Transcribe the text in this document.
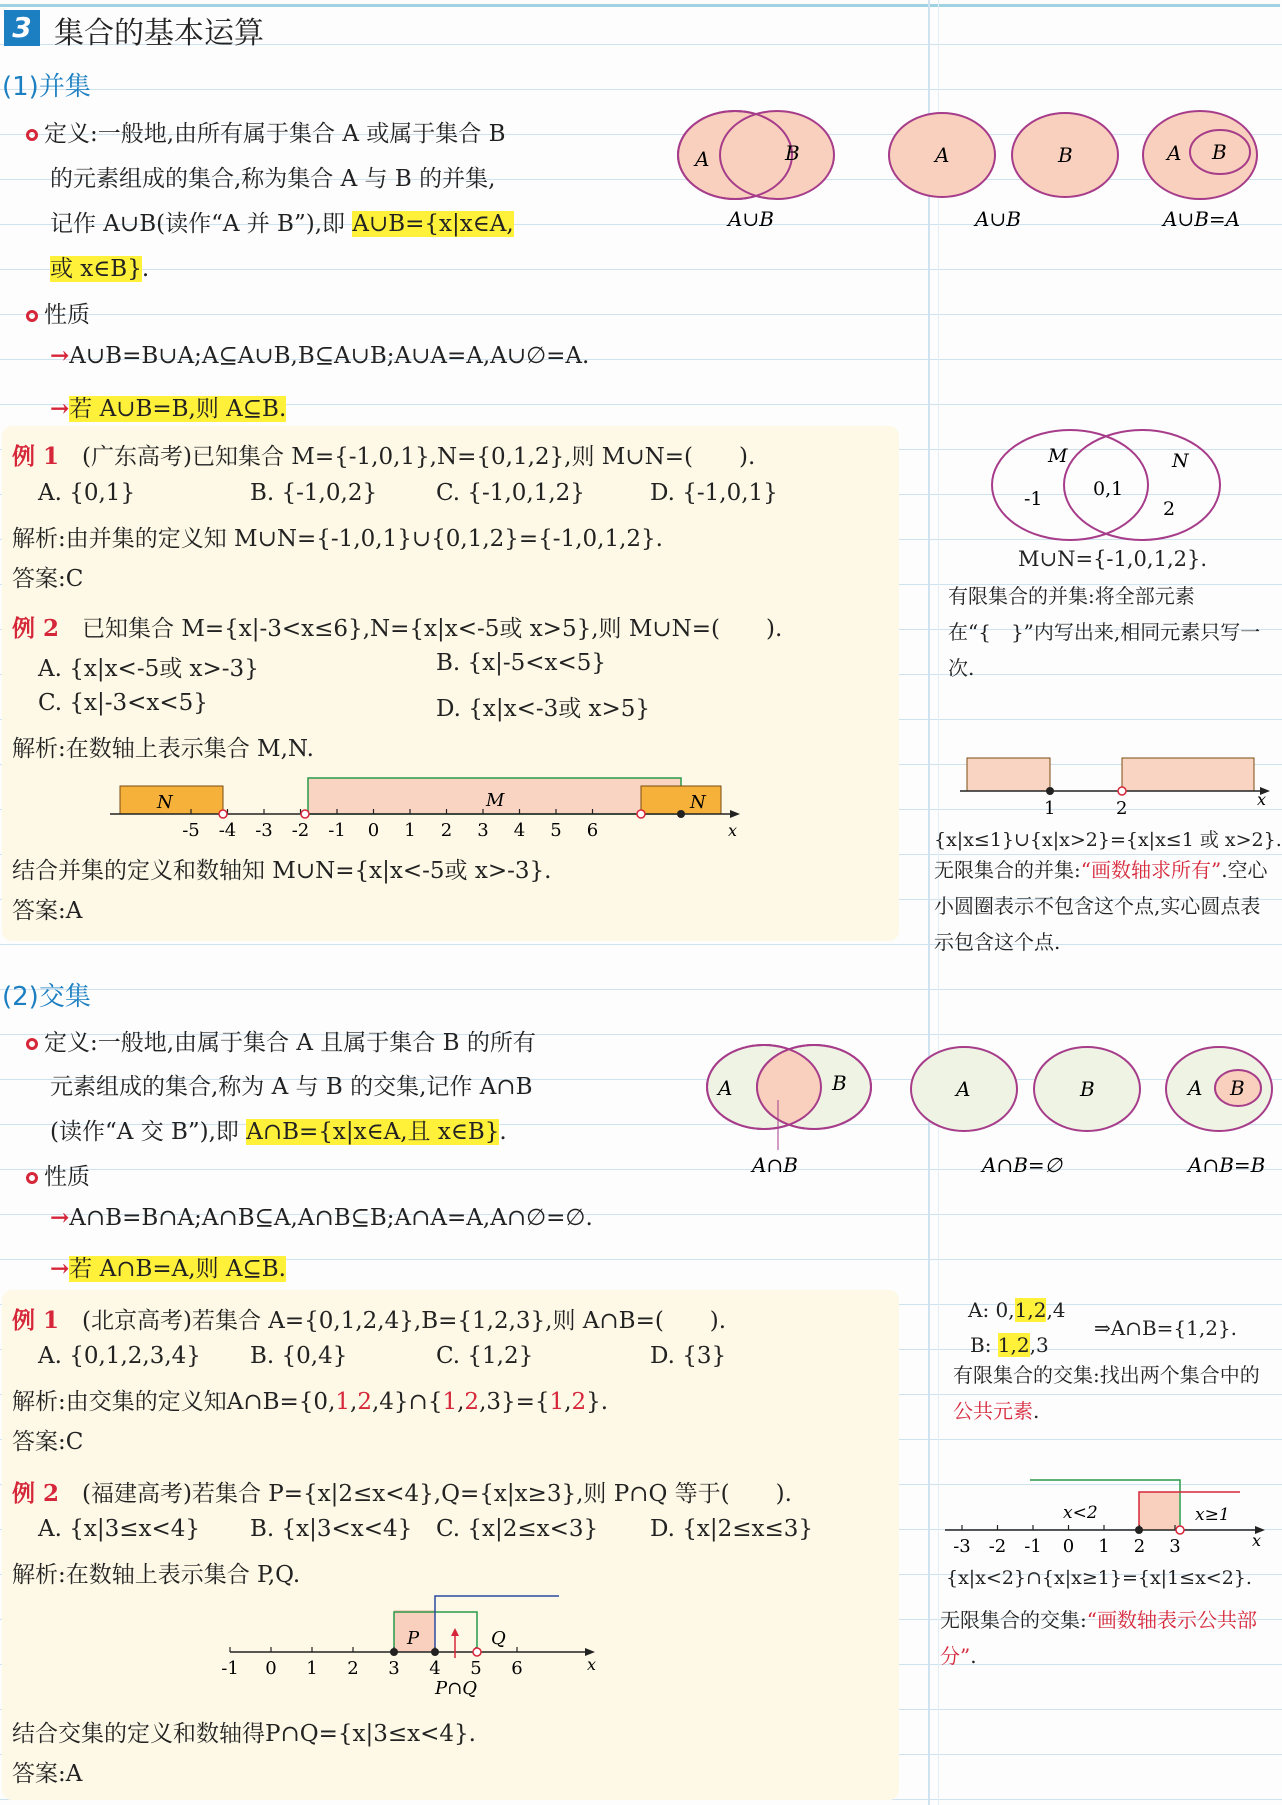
3 集合的基本运算
(1)并集
定义:一般地,由所有属于集合 A 或属于集合 B
的元素组成的集合,称为集合 A 与 B 的并集,
记作 A∪B(读作“A 并 B”),即 A∪B={x|x∈A,
或 x∈B}.
性质
→A∪B=B∪A;A⊆A∪B,B⊆A∪B;A∪A=A,A∪∅=A.
→若 A∪B=B,则 A⊆B.
A	B
A∪B
A	B
A∪B
A B
A∪B=A
例 1　 (广东高考)已知集合 M={-1,0,1},N={0,1,2},则 M∪N=(　　).
A. {0,1}	B. {-1,0,2}	C. {-1,0,1,2}	D. {-1,0,1}
解析:由并集的定义知 M∪N={-1,0,1}∪{0,1,2}={-1,0,1,2}.
答案:C
例 2　 已知集合 M={x|-3<x≤6},N={x|x<-5或 x>5},则 M∪N=(　　).
A. {x|x<-5或 x>-3}	B. {x|-5<x<5}
C. {x|-3<x<5}	D. {x|x<-3或 x>5}
解析:在数轴上表示集合 M,N.
N	M	N
-5 -4 -3 -2 -1 0 1 2 3 4 5 6	x
结合并集的定义和数轴知 M∪N={x|x<-5或 x>-3}.
答案:A
M	N
-1	0,1
2
M∪N={-1,0,1,2}.
有限集合的并集:将全部元素在“{　}”内写出来,相同元素只写一次.
1	2	x
{x|x≤1}∪{x|x>2}={x|x≤1 或 x>2}.
无限集合的并集:“画数轴求所有”.空心小圆圈表示不包含这个点,实心圆点表示包含这个点.
(2)交集
定义:一般地,由属于集合 A 且属于集合 B 的所有
元素组成的集合,称为 A 与 B 的交集,记作 A∩B
(读作“A 交 B”),即 A∩B={x|x∈A,且 x∈B}.
性质
→A∩B=B∩A;A∩B⊆A,A∩B⊆B;A∩A=A,A∩∅=∅.
→若 A∩B=A,则 A⊆B.
A	B
A∩B
A	B
A∩B=∅
A B
A∩B=B
例 1　 (北京高考)若集合 A={0,1,2,4},B={1,2,3},则 A∩B=(　　).
A. {0,1,2,3,4} B. {0,4}	C. {1,2}	D. {3}
解析:由交集的定义知A∩B={0,1,2,4}∩{1,2,3}={1,2}.
答案:C
例 2　 (福建高考)若集合 P={x|2≤x<4},Q={x|x≥3},则 P∩Q 等于(　　).
A. {x|3≤x<4} B. {x|3<x<4} C. {x|2≤x<3} D. {x|2≤x≤3}
解析:在数轴上表示集合 P,Q.
P	Q
-1 0 1 2 3 4 5 6
P∩Q
x
结合交集的定义和数轴得P∩Q={x|3≤x<4}.
答案:A
A: 0,1,2,4
B: 1,2,3
⇒A∩B={1,2}.
有限集合的交集:找出两个集合中的公共元素.
x<2	x≥1
-3 -2 -1 0 1 2 3	x
{x|x<2}∩{x|x≥1}={x|1≤x<2}.
无限集合的交集:“画数轴表示公共部分”.
